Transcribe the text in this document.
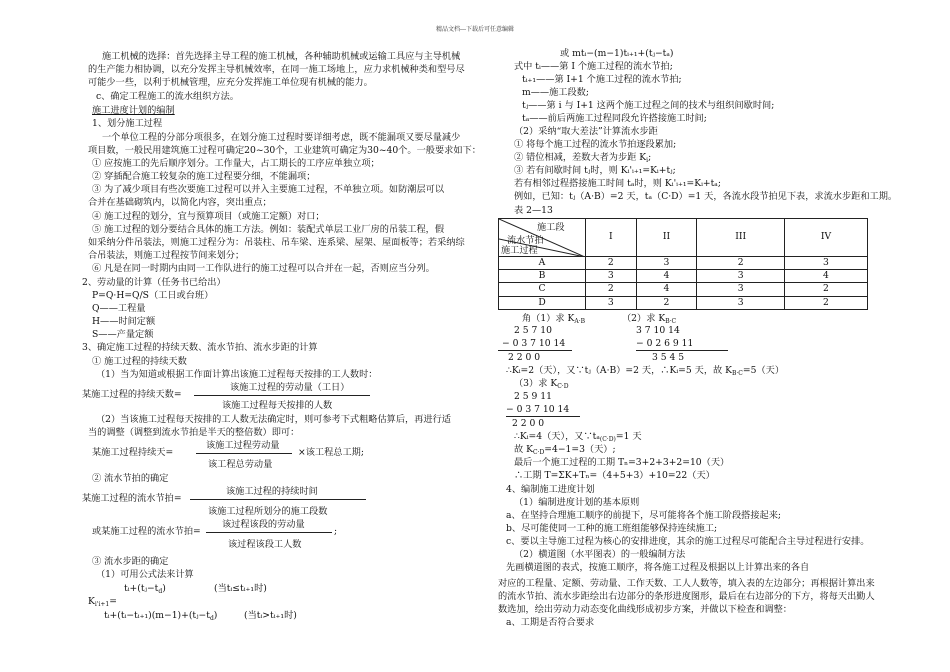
精品文档---下载后可任意编辑
施工机械的选择：首先选择主导工程的施工机械，各种辅助机械或运输工具应与主导机械
的生产能力相协调，以充分发挥主导机械效率，在同一施工场地上，应力求机械种类和型号尽
可能少一些，以利于机械管理，应充分发挥施工单位现有机械的能力。
c、确定工程施工的流水组织方法。
施工进度计划的编制
1、划分施工过程
一个单位工程的分部分项很多，在划分施工过程时要详细考虑，既不能漏项又要尽量减少
项目数，一般民用建筑施工过程可确定20~30个，工业建筑可确定为30~40个。一般要求如下：
① 应按施工的先后顺序划分。工作量大，占工期长的工序应单独立项；
② 穿插配合施工较复杂的施工过程要分细，不能漏项；
③ 为了减少项目有些次要施工过程可以并入主要施工过程，不单独立项。如防潮层可以
合并在基础砌筑内，以简化内容，突出重点；
④ 施工过程的划分，宜与预算项目（或施工定额）对口；
⑤ 施工过程的划分要结合具体的施工方法。例如：装配式单层工业厂房的吊装工程，假
如采纳分件吊装法，则施工过程分为：吊装柱、吊车梁、连系梁、屋架、屋面板等；若采纳综
合吊装法，则施工过程按节间来划分；
⑥ 凡是在同一时期内由同一工作队进行的施工过程可以合并在一起，否则应当分列。
2、劳动量的计算（任务书已给出）
P=Q·H=Q/S（工日或台班）
Q——工程量
H——时间定额
S——产量定额
3、确定施工过程的持续天数、流水节拍、流水步距的计算
① 施工过程的持续天数
（1）当为知道或根据工作面计算出该施工过程每天按排的工人数时：
该施工过程的劳动量（工日）
某施工过程的持续天数=
该施工过程每天按排的人数
（2）当该施工过程每天按排的工人数无法确定时，则可参考下式粗略估算后，再进行适
当的调整（调整到流水节拍是半天的整倍数）即可：
该施工过程劳动量
某施工过程持续天=	×该工程总工期;
该工程总劳动量
② 流水节拍的确定
该施工过程的持续时间
某施工过程的流水节拍=
该施工过程所划分的施工段数
该过程该段的劳动量
或某施工过程的流水节拍=	;
该过程该段工人数
③ 流水步距的确定
（1）可用公式法来计算
$tᵢ+(tⱼ-t_d)$	(当tᵢ≤tᵢ₊₁时)
$K_{i'i+1}=$
$tᵢ+(tᵢ-tᵢ_{+1})(m-1)+(tⱼ-t_d)$	(当tᵢ>tᵢ₊₁时)
或 mtᵢ−(m−1)tᵢ₊₁+(tⱼ−tₐ)
式中 tᵢ——第 I 个施工过程的流水节拍;
tᵢ₊₁——第 I+1 个施工过程的流水节拍;
m——施工段数;
tⱼ——第 i 与 I+1 这两个施工过程之间的技术与组织间歇时间;
tₐ——前后两施工过程同段允许搭接施工时间;
（2）采纳“取大差法”计算流水步距
① 将每个施工过程的流水节拍逐段累加;
② 错位相减，差数大者为步距 $K_i$;
③ 若有间歇时间 tⱼ时，则 Kᵢ'ᵢ₊₁=Kᵢ+tⱼ;
若有相邻过程搭接施工时间 tₐ时，则 Kᵢ'ᵢ₊₁=Kᵢ+tₐ;
例如，已知：tⱼ（A·B）=2 天，tₐ（C·D）=1 天，各流水段节拍见下表，求流水步距和工期。
表 2—13
施工段
流水节拍
施工过程	I	II	III	IV
A	2	3	2	3
B	3	4	3	4
C	2	4	3	2
D	3	2	3	2
角（1）求 $K_{A\cdot B}$	（2）求 $K_{B\cdot C}$
2 5 7 10	3 7 10 14
− 0 3 7 10 14	− 0 2 6 9 11
2 2 0 0	3 5 4 5
∴Kᵢ=2（天），又∵tⱼ（A·B）=2 天，∴Kᵢ=5 天，故 $K_{B\cdot C}=5$（天）
（3）求 $K_{C\cdot D}$
2 5 9 11
− 0 3 7 10 14
2 2 0 0
∴Kᵢ=4（天），又∵tₐ$_{(C\cdot D)}$=1 天
故 $K_{C\cdot D}=4-1=3$（天）;
最后一个施工过程的工期 Tₙ=3+2+3+2=10（天）
∴工期 T=ΣK+Tₙ=（4+5+3）+10=22（天）
4、编制施工进度计划
（1）编制进度计划的基本原则
a、在坚持合理施工顺序的前提下，尽可能将各个施工阶段搭接起来;
b、尽可能使同一工种的施工班组能够保持连续施工;
c、要以主导施工过程为核心的安排进度，其余的施工过程尽可能配合主导过程进行安排。
（2）横道图（水平图表）的一般编制方法
先画横道图的表式，按施工顺序，将各施工过程及根据以上计算出来的各自
对应的工程量、定额、劳动量、工作天数、工人人数等，填入表的左边部分；再根据计算出来
的流水节拍、流水步距绘出右边部分的条形进度图形，最后在右边部分的下方，将每天出勤人
数选加，绘出劳动力动态变化曲线形成初步方案，并做以下检查和调整：
a、工期是否符合要求
